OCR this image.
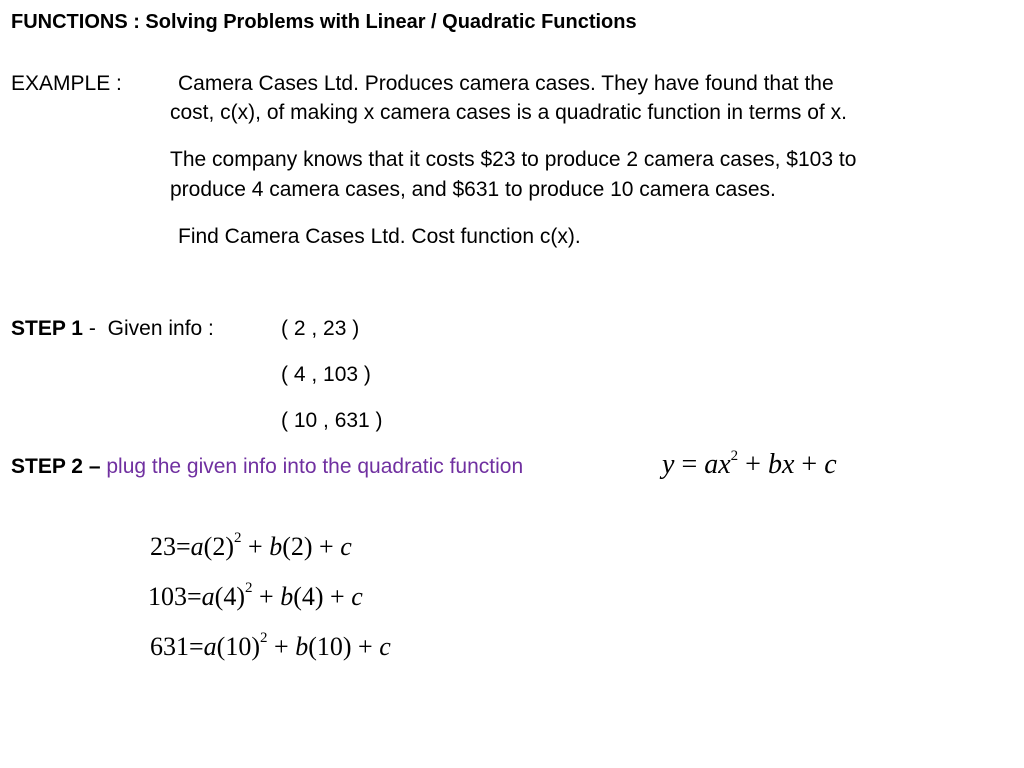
FUNCTIONS : Solving Problems with Linear / Quadratic Functions
EXAMPLE :	Camera Cases Ltd. Produces camera cases. They have found that the
cost, c(x), of making x camera cases is a quadratic function in terms of x.
The company knows that it costs $23 to produce 2 camera cases, $103 to
produce 4 camera cases, and $631 to produce 10 camera cases.
Find Camera Cases Ltd. Cost function c(x).
STEP 1 - Given info :	( 2 , 23 )
( 4 , 103 )
( 10 , 631 )
STEP 2 – plug the given info into the quadratic function	$y = ax^2$ + bx + c
$23=a(2)^2 + b(2) + c$
$103=a(4)^2 + b(4) + c$
$631=a(10)^2 + b(10) + c$
